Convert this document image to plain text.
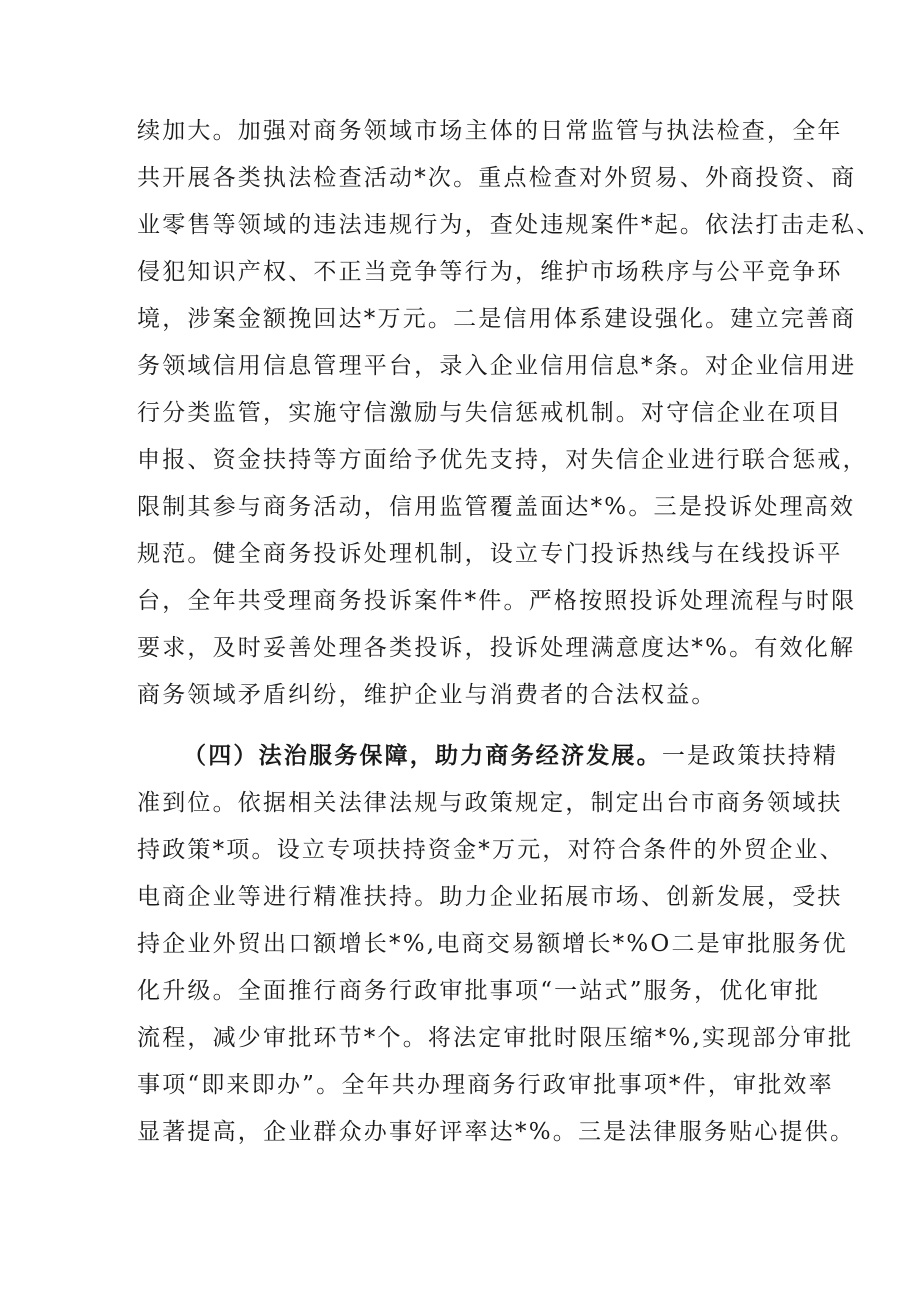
续加大。加强对商务领域市场主体的日常监管与执法检查，全年
共开展各类执法检查活动*次。重点检查对外贸易、外商投资、商
业零售等领域的违法违规行为，查处违规案件*起。依法打击走私、
侵犯知识产权、不正当竞争等行为，维护市场秩序与公平竞争环
境，涉案金额挽回达*万元。二是信用体系建设强化。建立完善商
务领域信用信息管理平台，录入企业信用信息*条。对企业信用进
行分类监管，实施守信激励与失信惩戒机制。对守信企业在项目
申报、资金扶持等方面给予优先支持，对失信企业进行联合惩戒，
限制其参与商务活动，信用监管覆盖面达*%。三是投诉处理高效
规范。健全商务投诉处理机制，设立专门投诉热线与在线投诉平
台，全年共受理商务投诉案件*件。严格按照投诉处理流程与时限
要求，及时妥善处理各类投诉，投诉处理满意度达*%。有效化解
商务领域矛盾纠纷，维护企业与消费者的合法权益。
（四）法治服务保障，助力商务经济发展。一是政策扶持精
准到位。依据相关法律法规与政策规定，制定出台市商务领域扶
持政策*项。设立专项扶持资金*万元，对符合条件的外贸企业、
电商企业等进行精准扶持。助力企业拓展市场、创新发展，受扶
持企业外贸出口额增长*%,电商交易额增长*%O二是审批服务优
化升级。全面推行商务行政审批事项“一站式”服务，优化审批
流程，减少审批环节*个。将法定审批时限压缩*%,实现部分审批
事项“即来即办”。全年共办理商务行政审批事项*件，审批效率
显著提高，企业群众办事好评率达*%。三是法律服务贴心提供。
